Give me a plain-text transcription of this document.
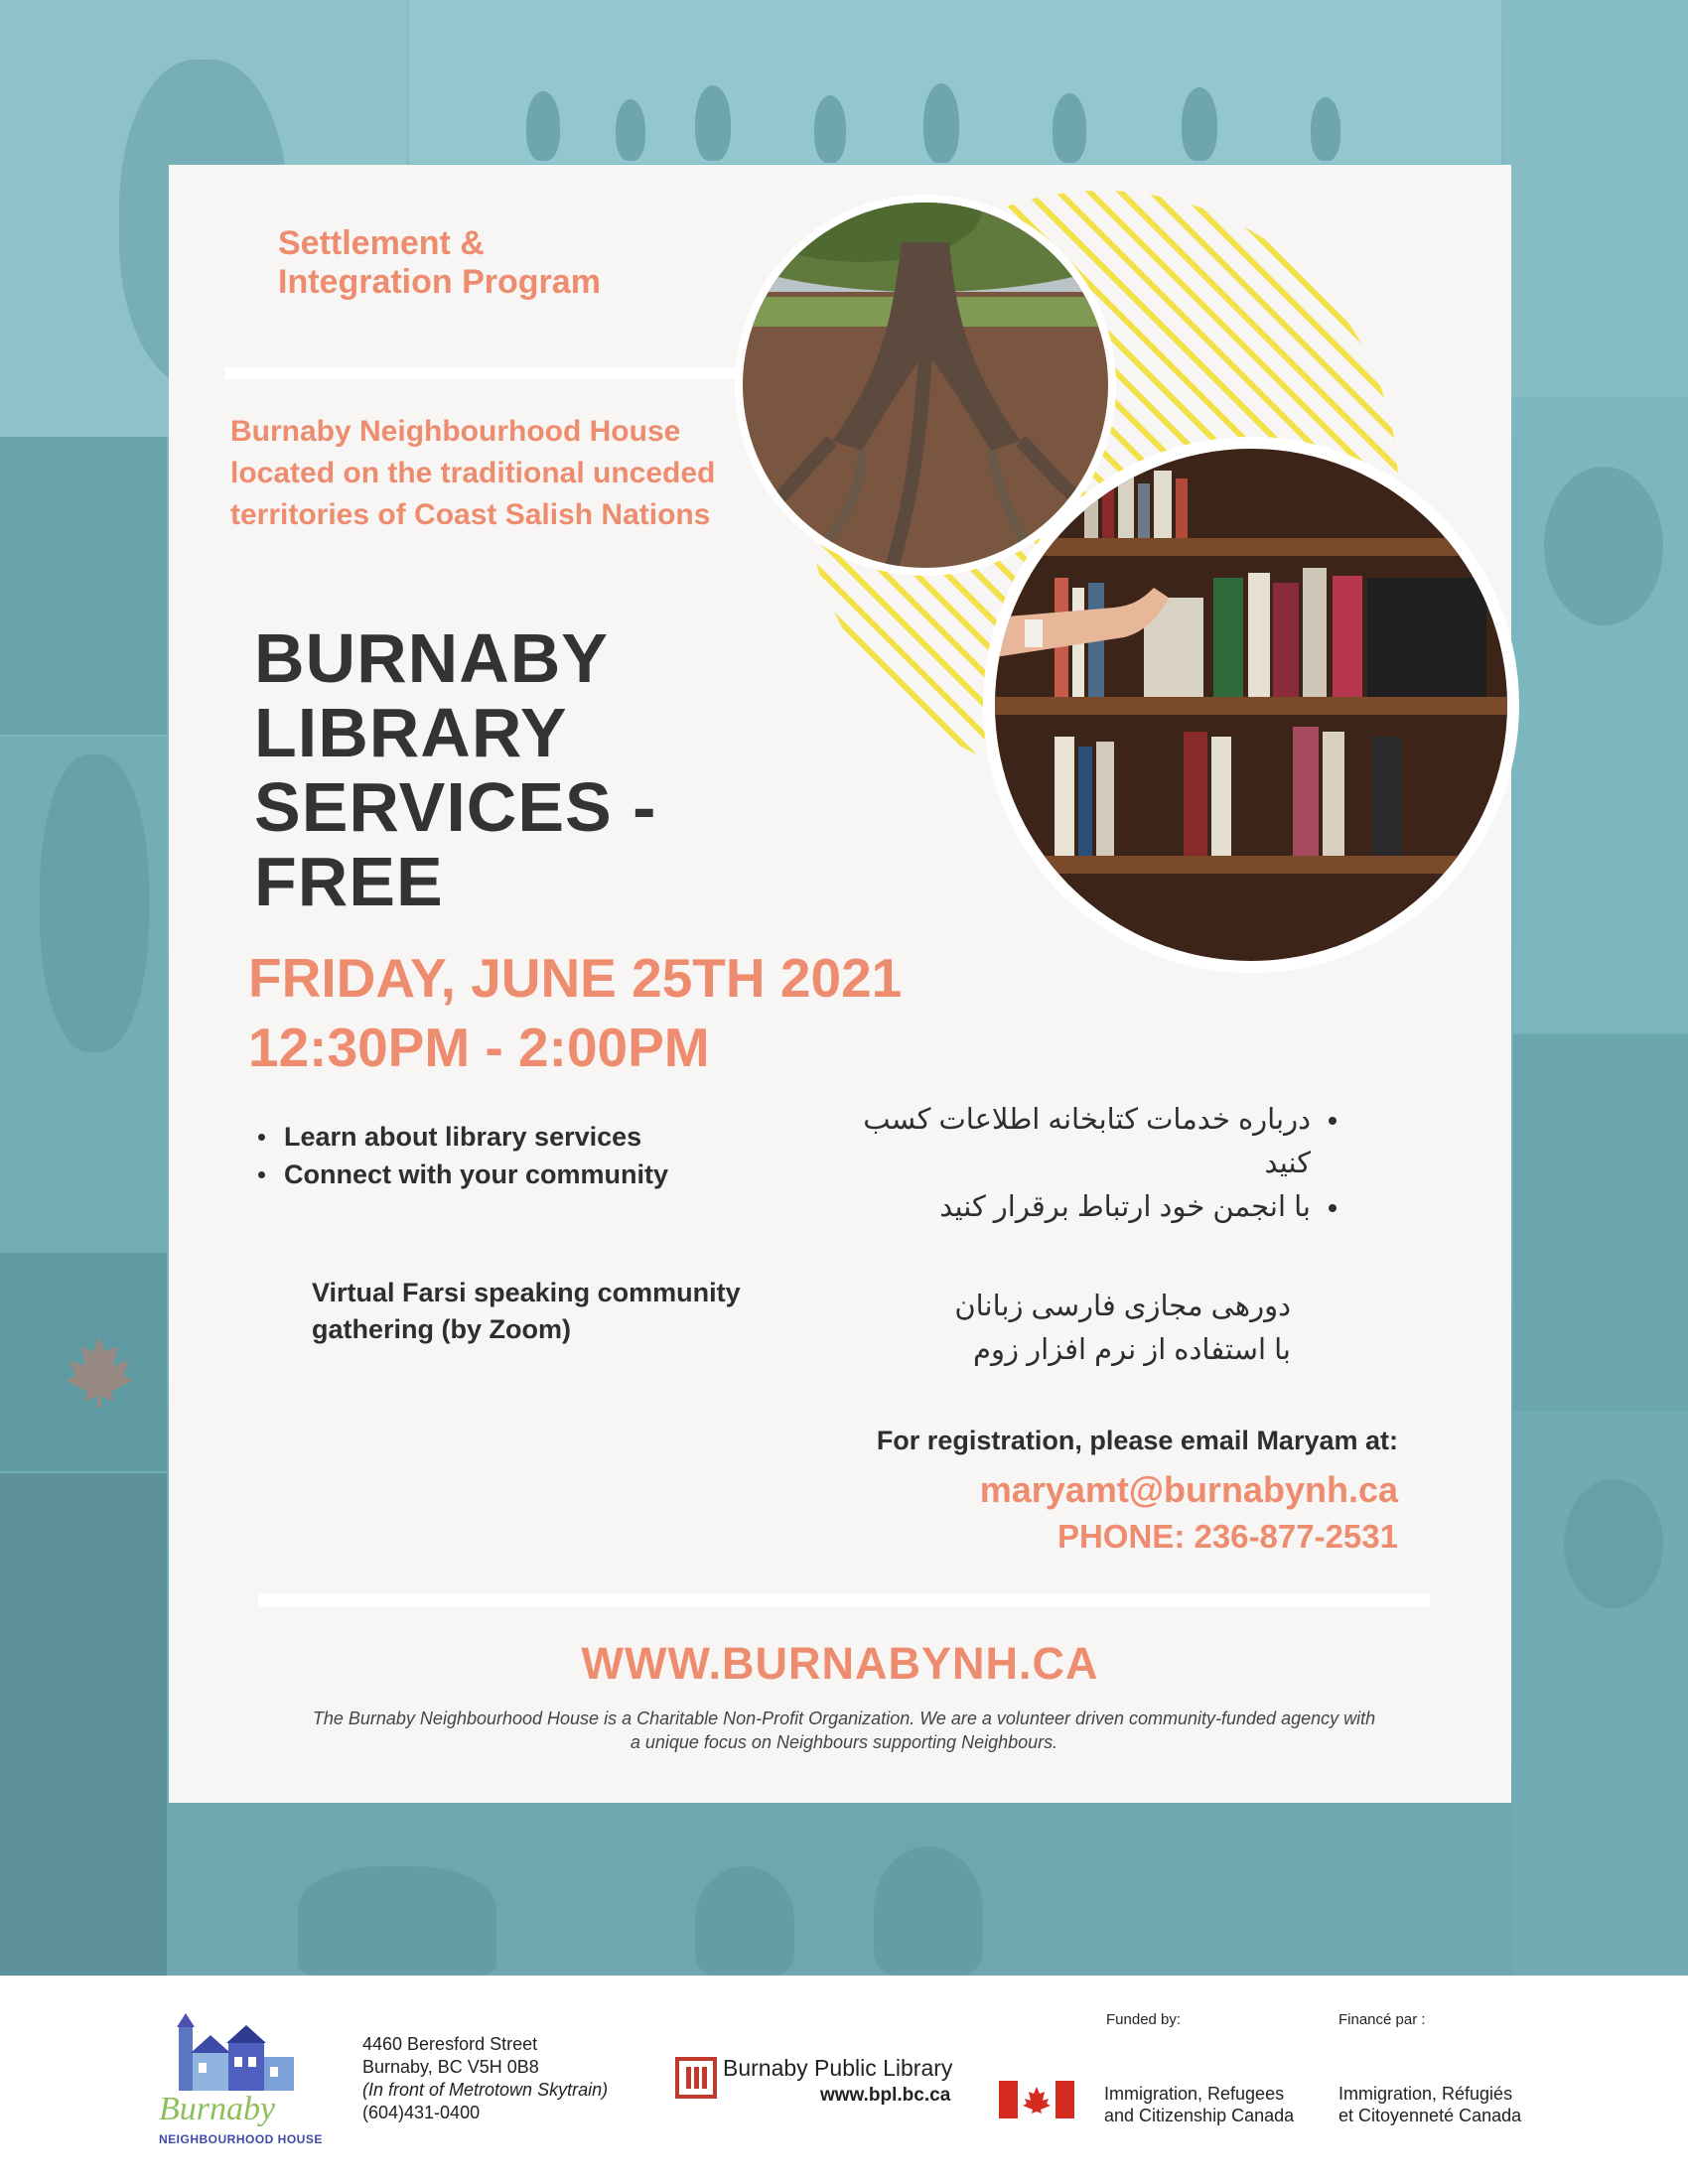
Settlement & Integration Program
Burnaby Neighbourhood House located on the traditional unceded territories of Coast Salish Nations
BURNABY LIBRARY SERVICES - FREE
FRIDAY, JUNE 25TH 2021
12:30PM - 2:00PM
Learn about library services
Connect with your community
Virtual Farsi speaking community gathering (by Zoom)
درباره خدمات کتابخانه اطلاعات کسب کنید
با انجمن خود ارتباط برقرار کنید
دورهی مجازی فارسی زبانان
با استفاده از نرم افزار زوم
For registration, please email Maryam at:
maryamt@burnabynh.ca
PHONE: 236-877-2531
WWW.BURNABYNH.CA
The Burnaby Neighbourhood House is a Charitable Non-Profit Organization. We are a volunteer driven community-funded agency with a unique focus on Neighbours supporting Neighbours.
Burnaby
NEIGHBOURHOOD HOUSE
4460 Beresford Street
Burnaby, BC V5H 0B8
(In front of Metrotown Skytrain)
(604)431-0400
Burnaby Public Library
www.bpl.bc.ca
Funded by:	Financé par :
Immigration, Refugees
and Citizenship Canada
Immigration, Réfugiés
et Citoyenneté Canada
